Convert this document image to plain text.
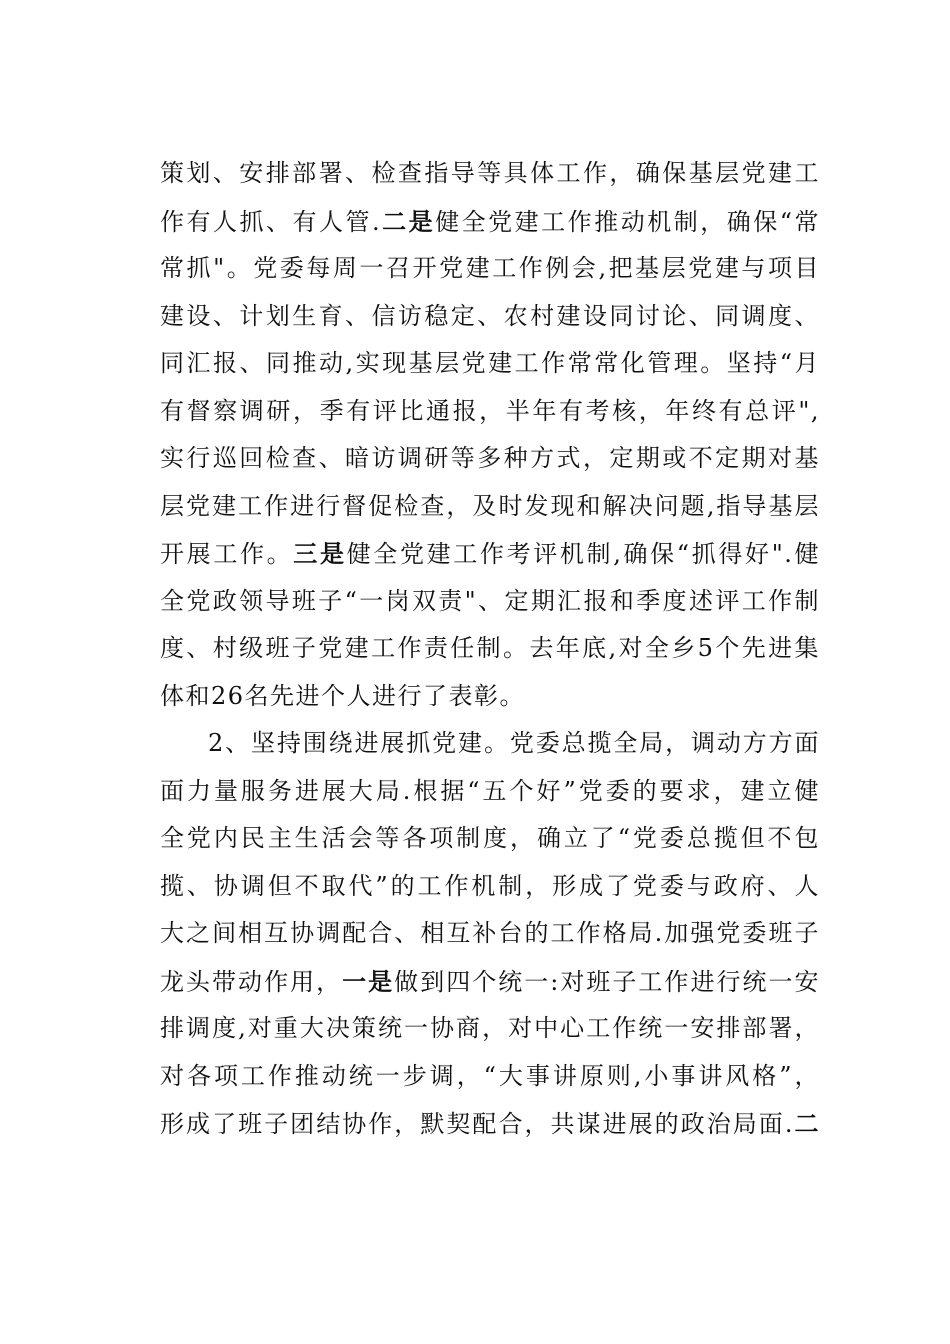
策划、安排部署、检查指导等具体工作，确保基层党建工
作有人抓、有人管.二是健全党建工作推动机制，确保“常
常抓"。党委每周一召开党建工作例会,把基层党建与项目
建设、计划生育、信访稳定、农村建设同讨论、同调度、
同汇报、同推动,实现基层党建工作常常化管理。坚持“月
有督察调研，季有评比通报，半年有考核，年终有总评",
实行巡回检查、暗访调研等多种方式，定期或不定期对基
层党建工作进行督促检查，及时发现和解决问题,指导基层
开展工作。三是健全党建工作考评机制,确保“抓得好".健
全党政领导班子“一岗双责"、定期汇报和季度述评工作制
度、村级班子党建工作责任制。去年底,对全乡5个先进集
体和26名先进个人进行了表彰。
2、坚持围绕进展抓党建。党委总揽全局，调动方方面
面力量服务进展大局.根据“五个好”党委的要求，建立健
全党内民主生活会等各项制度，确立了“党委总揽但不包
揽、协调但不取代”的工作机制，形成了党委与政府、人
大之间相互协调配合、相互补台的工作格局.加强党委班子
龙头带动作用，一是做到四个统一:对班子工作进行统一安
排调度,对重大决策统一协商，对中心工作统一安排部署，
对各项工作推动统一步调，“大事讲原则,小事讲风格”，
形成了班子团结协作，默契配合，共谋进展的政治局面.二
